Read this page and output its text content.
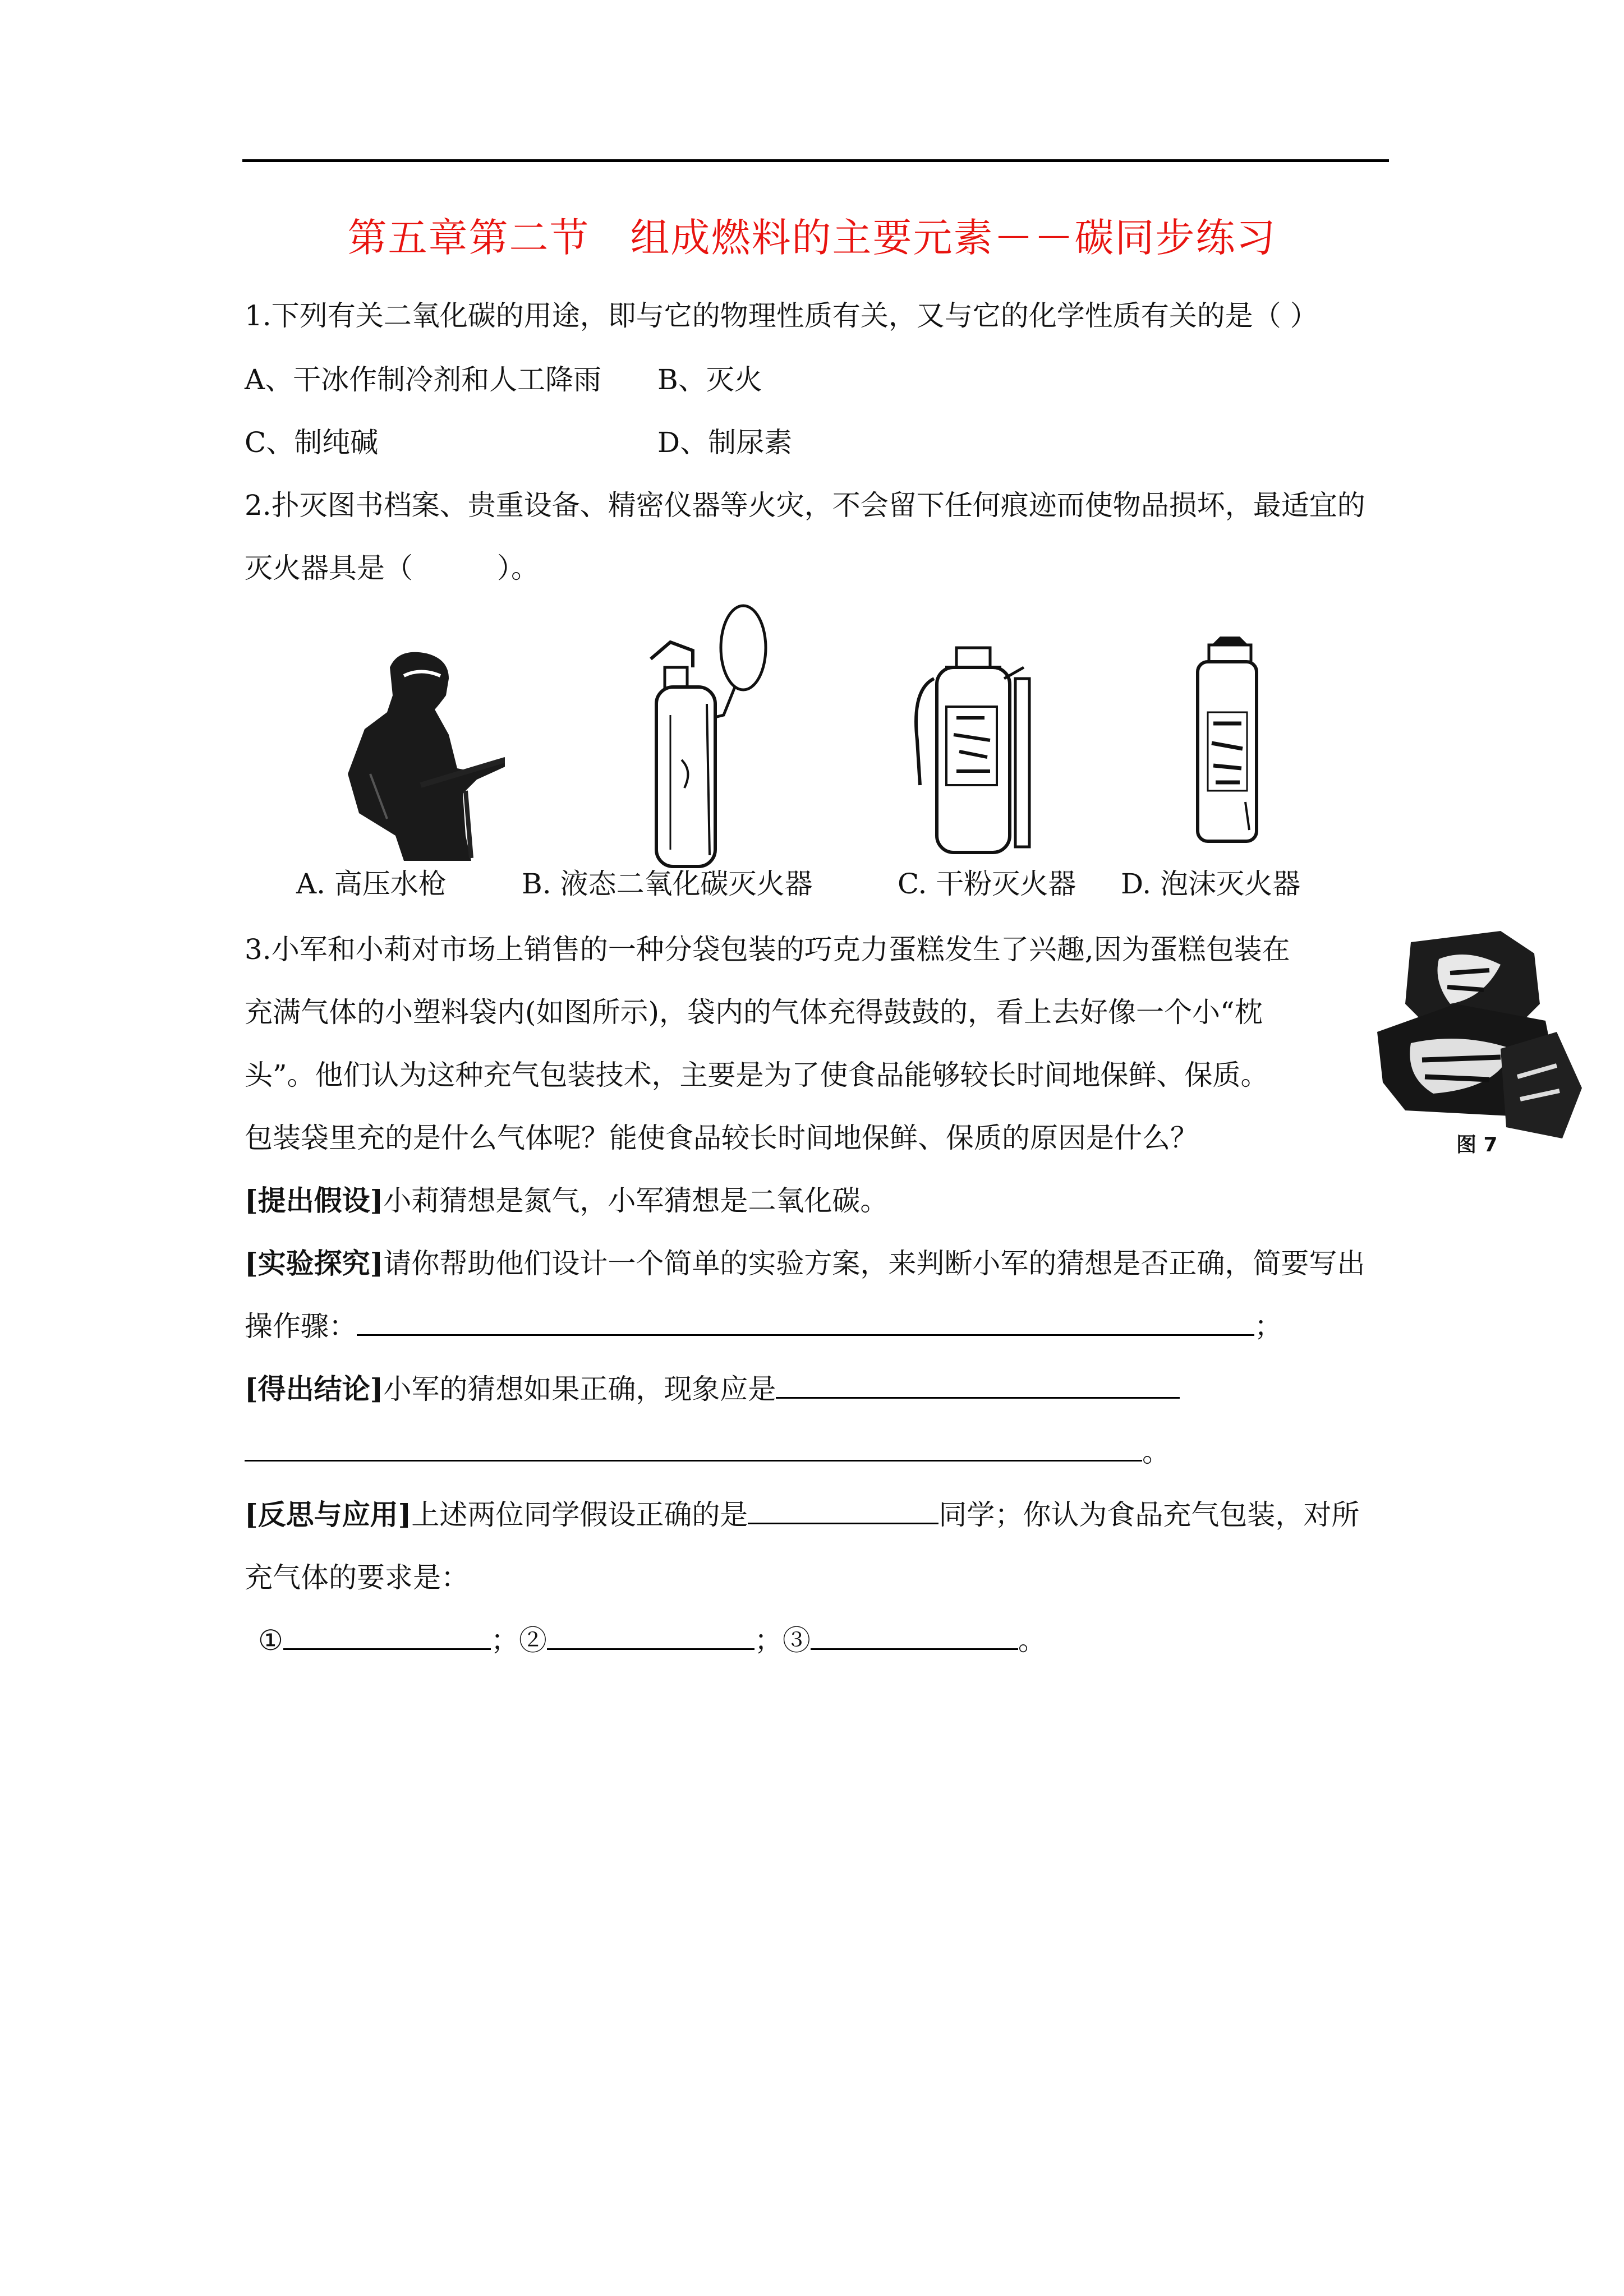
第五章第二节　组成燃料的主要元素－－碳同步练习
1.下列有关二氧化碳的用途，即与它的物理性质有关，又与它的化学性质有关的是（ ）
A、干冰作制冷剂和人工降雨 B、灭火
C、制纯碱	D、制尿素
2.扑灭图书档案、贵重设备、精密仪器等火灾，不会留下任何痕迹而使物品损坏，最适宜的
灭火器具是（　　　）。
A. 高压水枪	B. 液态二氧化碳灭火器	C. 干粉灭火器 D. 泡沫灭火器
3.小军和小莉对市场上销售的一种分袋包装的巧克力蛋糕发生了兴趣,因为蛋糕包装在
充满气体的小塑料袋内(如图所示)，袋内的气体充得鼓鼓的，看上去好像一个小“枕
头”。他们认为这种充气包装技术，主要是为了使食品能够较长时间地保鲜、保质。
包装袋里充的是什么气体呢？能使食品较长时间地保鲜、保质的原因是什么？	图 7
[提出假设]小莉猜想是氮气，小军猜想是二氧化碳。
[实验探究]请你帮助他们设计一个简单的实验方案，来判断小军的猜想是否正确，简要写出
操作骤：	；
[得出结论]小军的猜想如果正确，现象应是
。
[反思与应用]上述两位同学假设正确的是	同学；你认为食品充气包装，对所
充气体的要求是：
①	；②	；③	。
